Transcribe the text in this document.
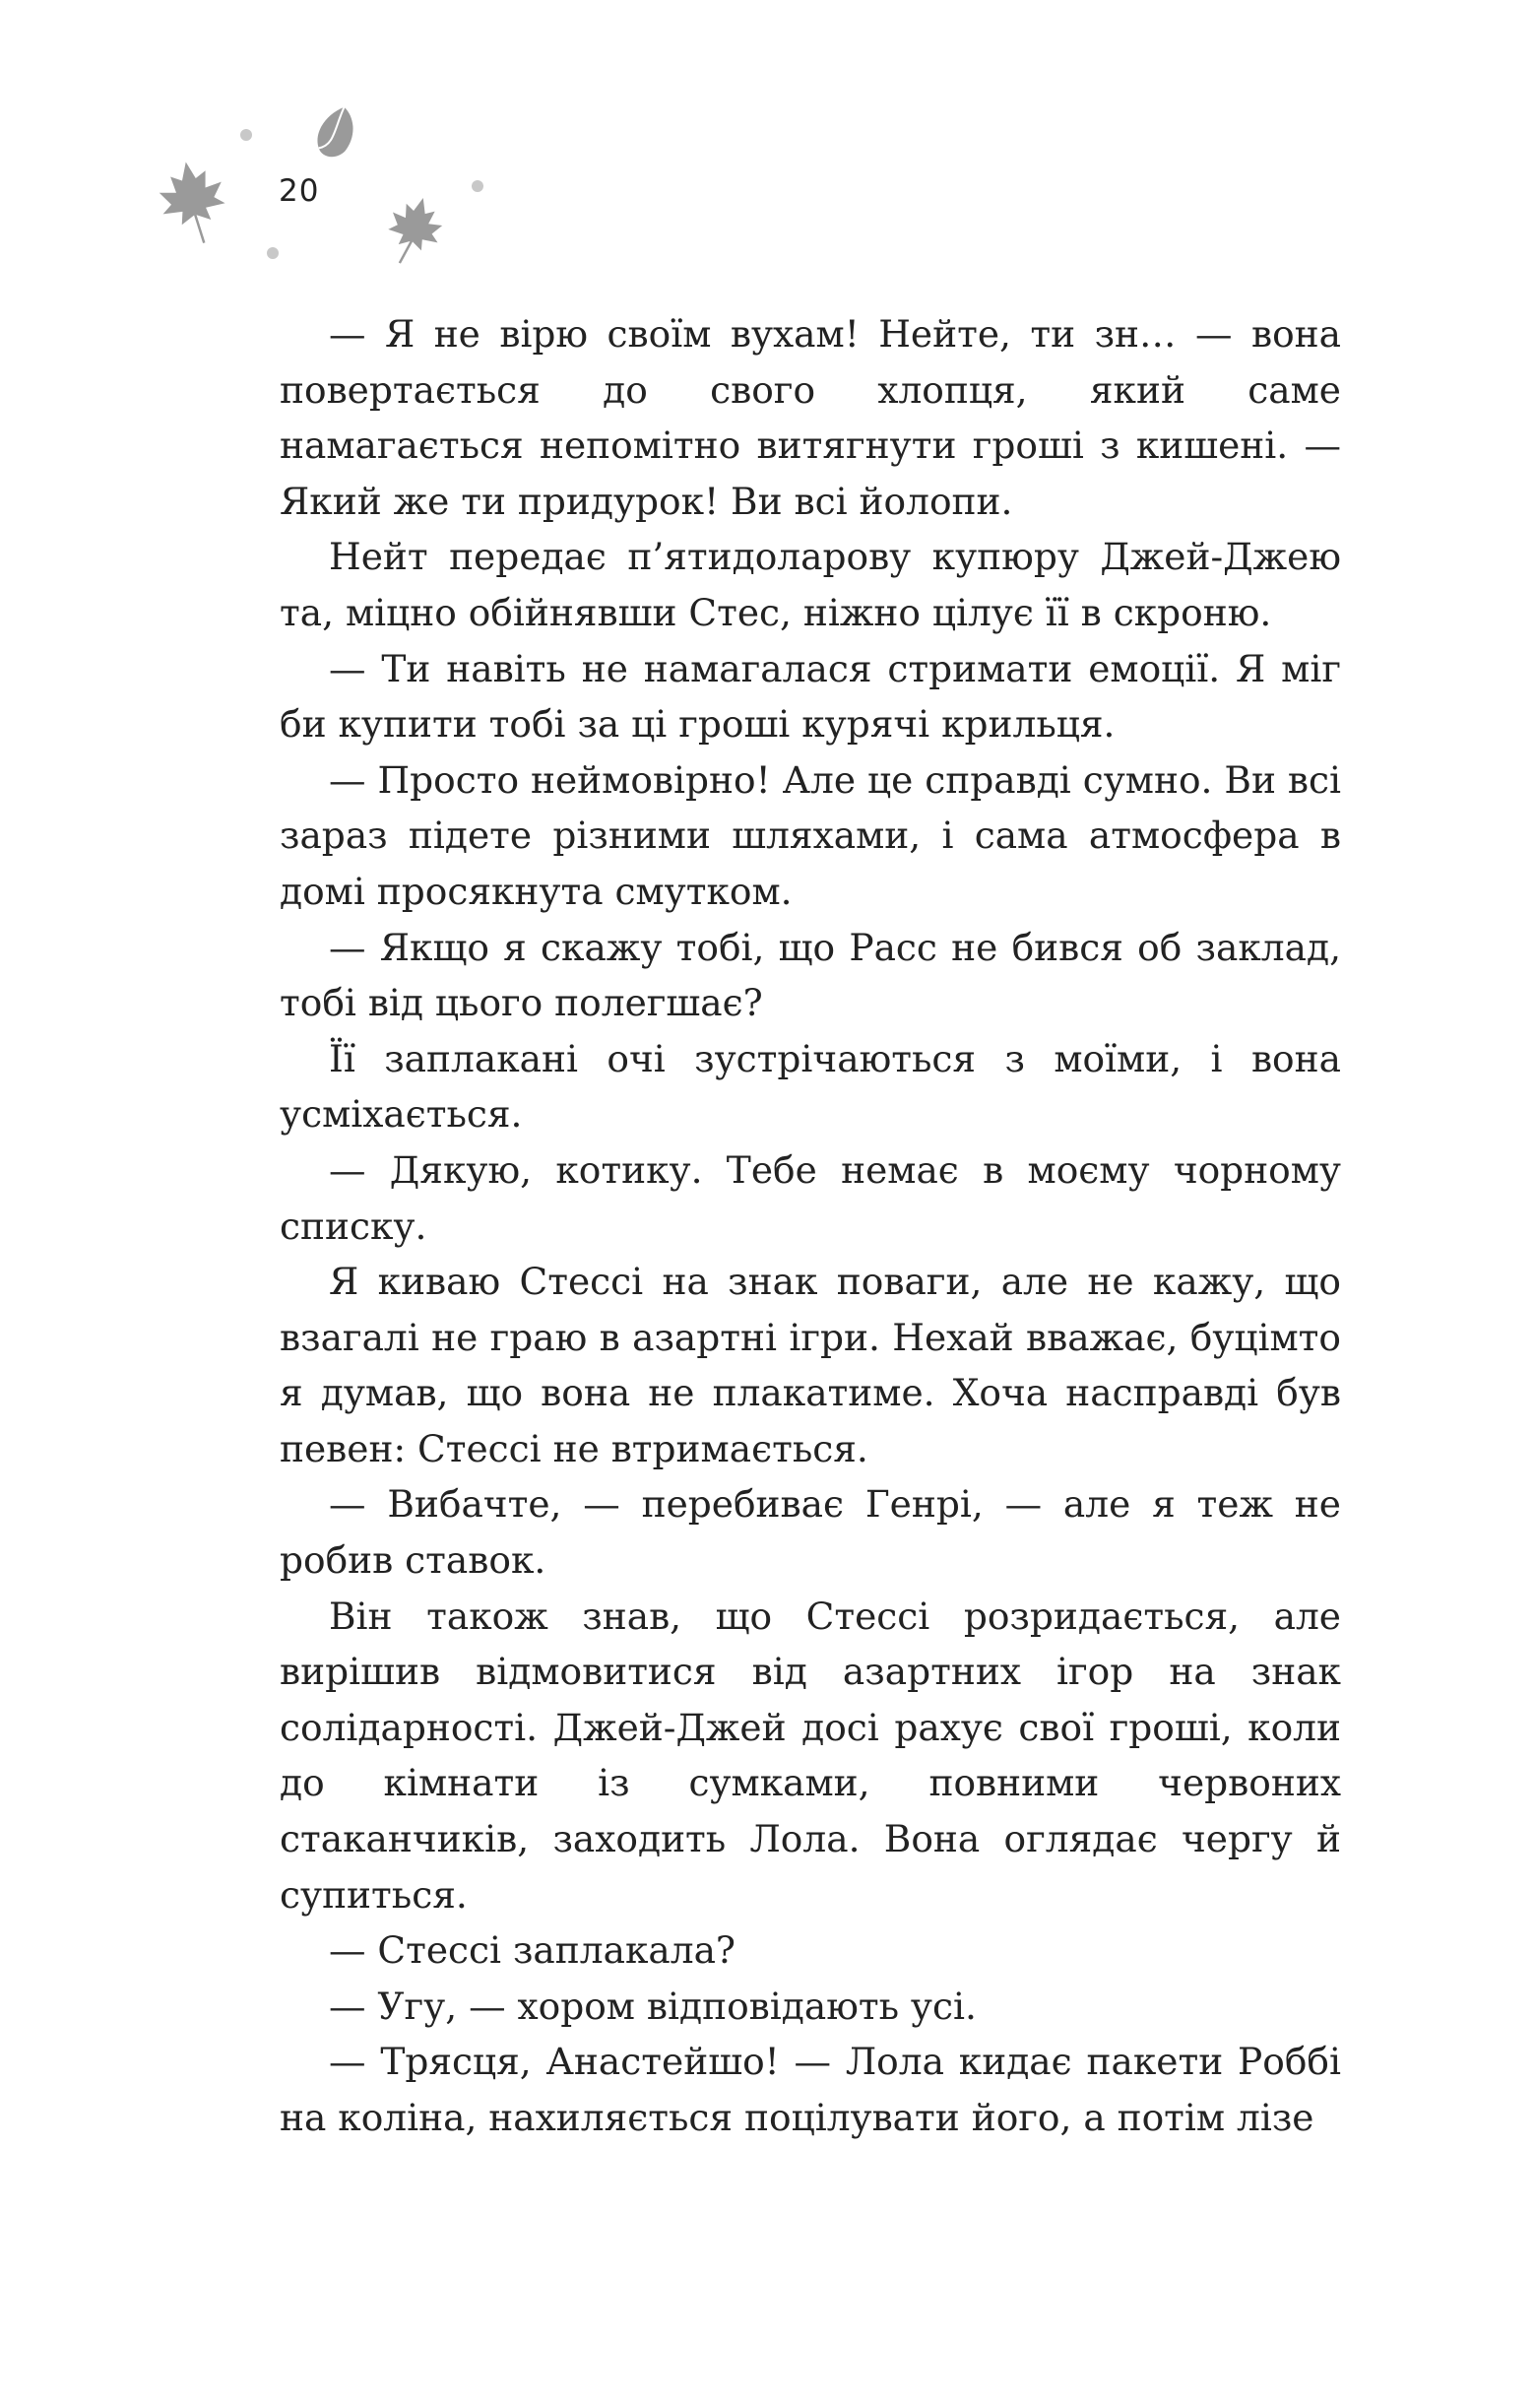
20

— Я не вірю своїм вухам! Нейте, ти зн… — вона повертається до свого хлопця, який саме намагається непомітно витягнути гроші з кишені. — Який же ти придурок! Ви всі йолопи.

Нейт передає п’ятидоларову купюру Джей-Джею та, міцно обійнявши Стес, ніжно цілує її в скроню.

— Ти навіть не намагалася стримати емоції. Я міг би купити тобі за ці гроші курячі крильця.

— Просто неймовірно! Але це справді сумно. Ви всі зараз підете різними шляхами, і сама атмосфера в домі просякнута смутком.

— Якщо я скажу тобі, що Расс не бився об заклад, тобі від цього полегшає?

Її заплакані очі зустрічаються з моїми, і вона усміхається.

— Дякую, котику. Тебе немає в моєму чорному списку.

Я киваю Стессі на знак поваги, але не кажу, що взагалі не граю в азартні ігри. Нехай вважає, буцімто я думав, що вона не плакатиме. Хоча насправді був певен: Стессі не втримається.

— Вибачте, — перебиває Генрі, — але я теж не робив ставок.

Він також знав, що Стессі розридається, але вирішив відмовитися від азартних ігор на знак солідарності. Джей-Джей досі рахує свої гроші, коли до кімнати із сумками, повними червоних стаканчиків, заходить Лола. Вона оглядає чергу й супиться.

— Стессі заплакала?

— Угу, — хором відповідають усі.

— Трясця, Анастейшо! — Лола кидає пакети Роббі на коліна, нахиляється поцілувати його, а потім лізе
